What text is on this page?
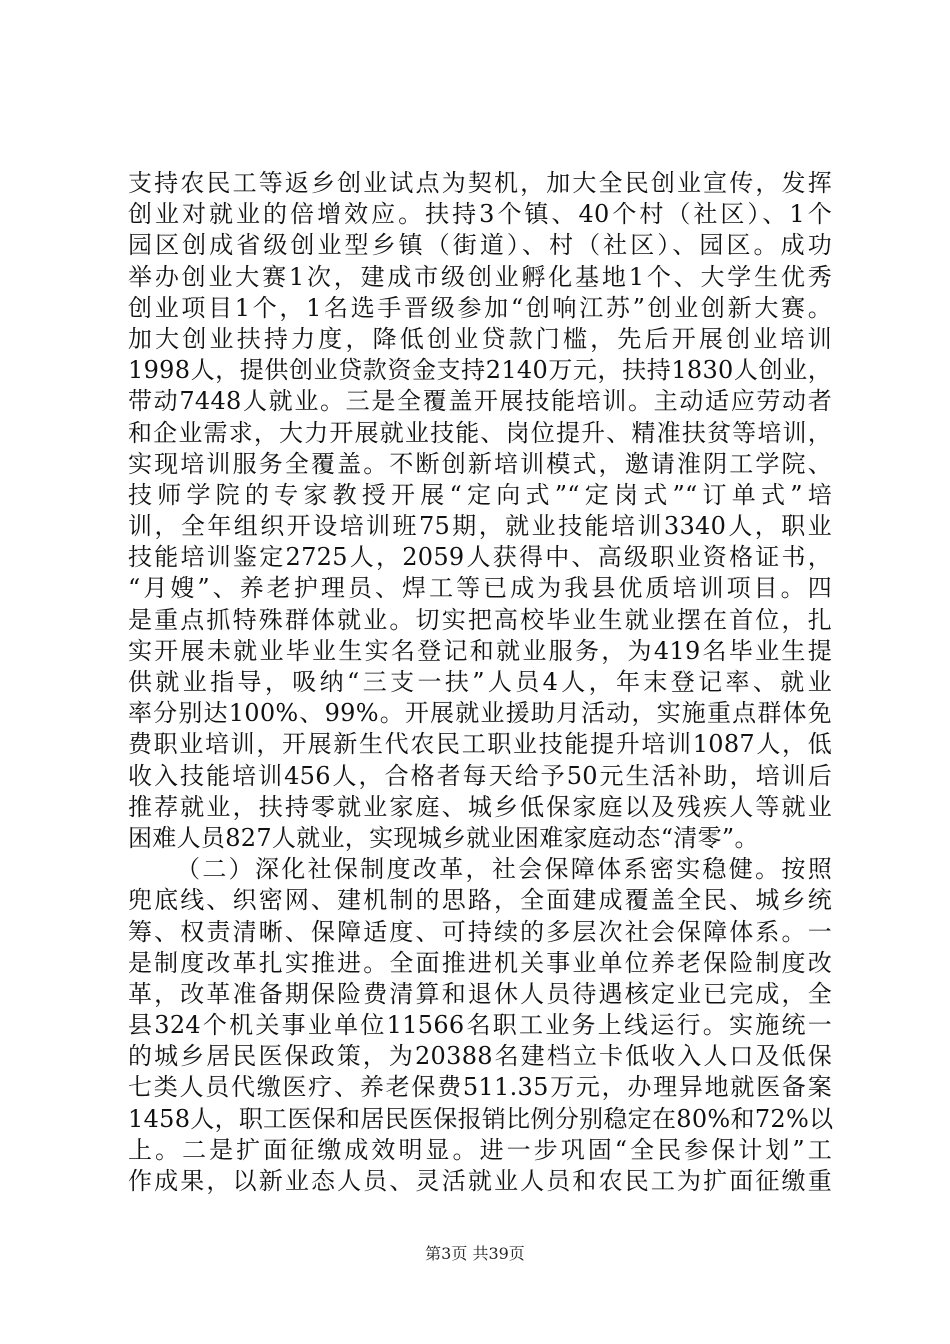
支持农民工等返乡创业试点为契机，加大全民创业宣传，发挥
创业对就业的倍增效应。扶持3个镇、40个村（社区）、1个
园区创成省级创业型乡镇（街道）、村（社区）、园区。成功
举办创业大赛1次，建成市级创业孵化基地1个、大学生优秀
创业项目1个，1名选手晋级参加“创响江苏”创业创新大赛。
加大创业扶持力度，降低创业贷款门槛，先后开展创业培训
1998人，提供创业贷款资金支持2140万元，扶持1830人创业，
带动7448人就业。三是全覆盖开展技能培训。主动适应劳动者
和企业需求，大力开展就业技能、岗位提升、精准扶贫等培训，
实现培训服务全覆盖。不断创新培训模式，邀请淮阴工学院、
技师学院的专家教授开展“定向式”“定岗式”“订单式”培
训，全年组织开设培训班75期，就业技能培训3340人，职业
技能培训鉴定2725人，2059人获得中、高级职业资格证书，
“月嫂”、养老护理员、焊工等已成为我县优质培训项目。四
是重点抓特殊群体就业。切实把高校毕业生就业摆在首位，扎
实开展未就业毕业生实名登记和就业服务，为419名毕业生提
供就业指导，吸纳“三支一扶”人员4人，年末登记率、就业
率分别达100%、99%。开展就业援助月活动，实施重点群体免
费职业培训，开展新生代农民工职业技能提升培训1087人，低
收入技能培训456人，合格者每天给予50元生活补助，培训后
推荐就业，扶持零就业家庭、城乡低保家庭以及残疾人等就业
困难人员827人就业，实现城乡就业困难家庭动态“清零”。
（二）深化社保制度改革，社会保障体系密实稳健。按照
兜底线、织密网、建机制的思路，全面建成覆盖全民、城乡统
筹、权责清晰、保障适度、可持续的多层次社会保障体系。一
是制度改革扎实推进。全面推进机关事业单位养老保险制度改
革，改革准备期保险费清算和退休人员待遇核定业已完成，全
县324个机关事业单位11566名职工业务上线运行。实施统一
的城乡居民医保政策，为20388名建档立卡低收入人口及低保
七类人员代缴医疗、养老保费511.35万元，办理异地就医备案
1458人，职工医保和居民医保报销比例分别稳定在80%和72%以
上。二是扩面征缴成效明显。进一步巩固“全民参保计划”工
作成果，以新业态人员、灵活就业人员和农民工为扩面征缴重
第3页 共39页
